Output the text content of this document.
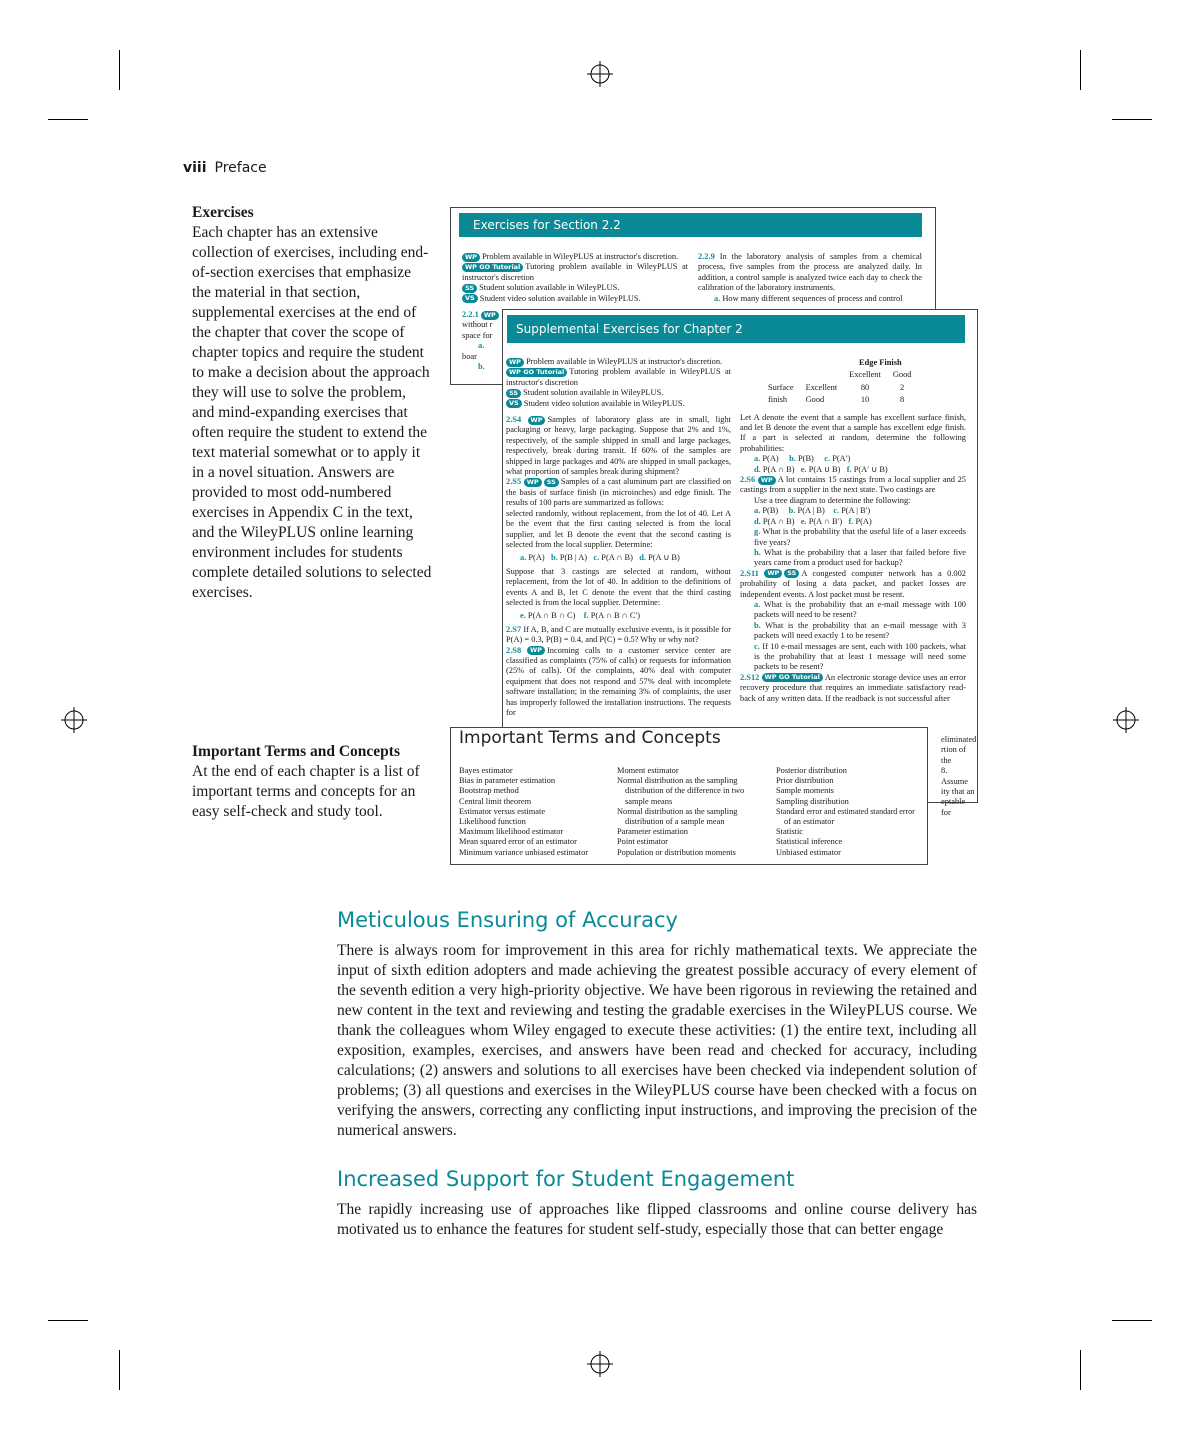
viii Preface
Exercises

Each chapter has an extensive collection of exercises, including end-of-section exercises that emphasize the material in that section, supplemental exercises at the end of the chapter that cover the scope of chapter topics and require the student to make a decision about the approach they will use to solve the problem, and mind-expanding exercises that often require the student to extend the text material somewhat or to apply it in a novel situation. Answers are provided to most odd-numbered exercises in Appendix C in the text, and the WileyPLUS online learning environment includes for students complete detailed solutions to selected exercises.

Important Terms and Concepts

At the end of each chapter is a list of important terms and concepts for an easy self-check and study tool.

Exercises for Section 2.2

WP Problem available in WileyPLUS at instructor's discretion.

WP GO Tutorial Tutoring problem available in WileyPLUS at instructor's discretion

SS Student solution available in WileyPLUS.

VS Student video solution available in WileyPLUS.

2.2.1 WP

without r

space for

a.

boar

b.

2.2.9 In the laboratory analysis of samples from a chemical process, five samples from the process are analyzed daily. In addition, a control sample is analyzed twice each day to check the calibration of the laboratory instruments.

a. How many different sequences of process and control

Supplemental Exercises for Chapter 2

WP Problem available in WileyPLUS at instructor's discretion.

WP GO Tutorial Tutoring problem available in WileyPLUS at instructor's discretion

SS Student solution available in WileyPLUS.

VS Student video solution available in WileyPLUS.

2.S4 WP Samples of laboratory glass are in small, light packaging or heavy, large packaging. Suppose that 2% and 1%, respectively, of the sample shipped in small and large packages, respectively, break during transit. If 60% of the samples are shipped in large packages and 40% are shipped in small packages, what proportion of samples break during shipment?

2.S5 WP SS Samples of a cast aluminum part are classified on the basis of surface finish (in microinches) and edge finish. The results of 100 parts are summarized as follows:

selected randomly, without replacement, from the lot of 40. Let A be the event that the first casting selected is from the local supplier, and let B denote the event that the second casting is selected from the local supplier. Determine:

a. P(A) b. P(B | A) c. P(A ∩ B) d. P(A ∪ B)

Suppose that 3 castings are selected at random, without replacement, from the lot of 40. In addition to the definitions of events A and B, let C denote the event that the third casting selected is from the local supplier. Determine:

e. P(A ∩ B ∩ C) f. P(A ∩ B ∩ C′)

2.S7 If A, B, and C are mutually exclusive events, is it possible for P(A) = 0.3, P(B) = 0.4, and P(C) = 0.5? Why or why not?

2.S8 WP Incoming calls to a customer service center are classified as complaints (75% of calls) or requests for information (25% of calls). Of the complaints, 40% deal with computer equipment that does not respond and 57% deal with incomplete software installation; in the remaining 3% of complaints, the user has improperly followed the installation instructions. The requests for

		Edge Finish	
		Excellent	Good
Surface	Excellent	80	2
finish	Good	10	8

Let A denote the event that a sample has excellent surface finish, and let B denote the event that a sample has excellent edge finish. If a part is selected at random, determine the following probabilities:

a. P(A) b. P(B) c. P(A′)

d. P(A ∩ B) e. P(A ∪ B) f. P(A′ ∪ B)

2.S6 WP A lot contains 15 castings from a local supplier and 25 castings from a supplier in the next state. Two castings are

Use a tree diagram to determine the following:

a. P(B) b. P(A | B) c. P(A | B′)

d. P(A ∩ B) e. P(A ∩ B′) f. P(A)

g. What is the probability that the useful life of a laser exceeds five years?

h. What is the probability that a laser that failed before five years came from a product used for backup?

2.S11 WP SS A congested computer network has a 0.002 probability of losing a data packet, and packet losses are independent events. A lost packet must be resent.

a. What is the probability that an e-mail message with 100 packets will need to be resent?

b. What is the probability that an e-mail message with 3 packets will need exactly 1 to be resent?

c. If 10 e-mail messages are sent, each with 100 packets, what is the probability that at least 1 message will need some packets to be resent?

2.S12 WP GO Tutorial An electronic storage device uses an error recovery procedure that requires an immediate satisfactory read-back of any written data. If the readback is not successful after

eliminated
rtion of the
8. Assume
ity that an
eptable for
Important Terms and Concepts
Bayes estimator
Bias in parameter estimation
Bootstrap method
Central limit theorem
Estimator versus estimate
Likelihood function
Maximum likelihood estimator
Mean squared error of an estimator
Minimum variance unbiased estimator
Moment estimator
Normal distribution as the sampling
distribution of the difference in two
sample means
Normal distribution as the sampling
distribution of a sample mean
Parameter estimation
Point estimator
Population or distribution moments
Posterior distribution
Prior distribution
Sample moments
Sampling distribution
Standard error and estimated standard error
of an estimator
Statistic
Statistical inference
Unbiased estimator
Meticulous Ensuring of Accuracy

There is always room for improvement in this area for richly mathematical texts. We appreciate the input of sixth edition adopters and made achieving the greatest possible accuracy of every element of the seventh edition a very high-priority objective. We have been rigorous in reviewing the retained and new content in the text and reviewing and testing the gradable exercises in the WileyPLUS course. We thank the colleagues whom Wiley engaged to execute these activities: (1) the entire text, including all exposition, examples, exercises, and answers have been read and checked for accuracy, including calculations; (2) answers and solutions to all exercises have been checked via independent solution of problems; (3) all questions and exercises in the WileyPLUS course have been checked with a focus on verifying the answers, correcting any conflicting input instructions, and improving the precision of the numerical answers.

Increased Support for Student Engagement

The rapidly increasing use of approaches like flipped classrooms and online course delivery has motivated us to enhance the features for student self-study, especially those that can better engage
